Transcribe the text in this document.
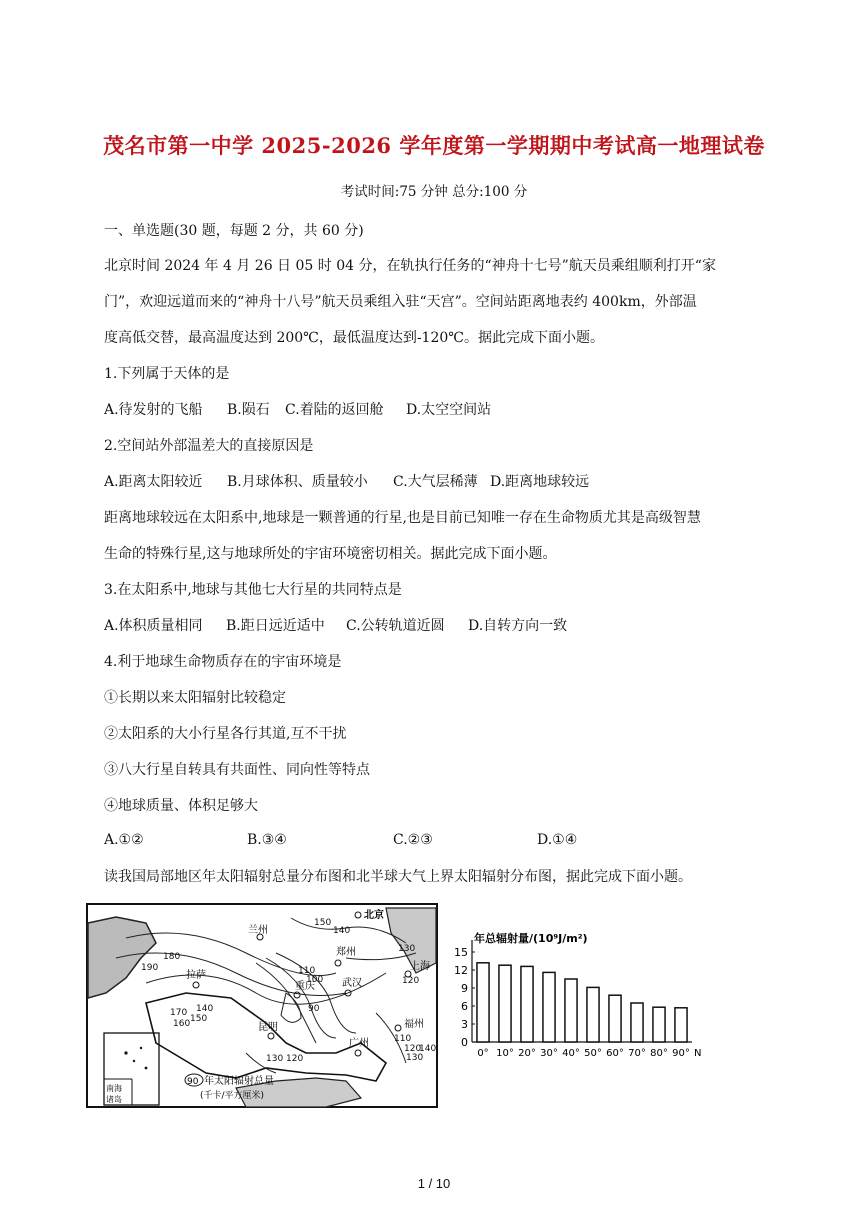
茂名市第一中学 2025-2026 学年度第一学期期中考试高一地理试卷
考试时间:75 分钟 总分:100 分
一、单选题(30 题，每题 2 分，共 60 分)
北京时间 2024 年 4 月 26 日 05 时 04 分，在轨执行任务的“神舟十七号”航天员乘组顺利打开“家
门”，欢迎远道而来的“神舟十八号”航天员乘组入驻“天宫”。空间站距离地表约 400km，外部温
度高低交替，最高温度达到 200℃，最低温度达到-120℃。据此完成下面小题。
1.下列属于天体的是
A.待发射的飞船 B.陨石 C.着陆的返回舱 D.太空空间站
2.空间站外部温差大的直接原因是
A.距离太阳较近 B.月球体积、质量较小 C.大气层稀薄 D.距离地球较远
距离地球较远在太阳系中,地球是一颗普通的行星,也是目前已知唯一存在生命物质尤其是高级智慧
生命的特殊行星,这与地球所处的宇宙环境密切相关。据此完成下面小题。
3.在太阳系中,地球与其他七大行星的共同特点是
A.体积质量相同 B.距日远近适中 C.公转轨道近圆 D.自转方向一致
4.利于地球生命物质存在的宇宙环境是
①长期以来太阳辐射比较稳定
②太阳系的大小行星各行其道,互不干扰
③八大行星自转具有共面性、同向性等特点
④地球质量、体积足够大
A.①②	B.③④	C.②③	D.①④
读我国局部地区年太阳辐射总量分布图和北半球大气上界太阳辐射分布图，据此完成下面小题。
南海
诸岛
北京
兰州
郑州
上海
拉萨
重庆	武汉
昆明	福州
广州
150
140
130
120
180
190	110
100
90
170
160 150
140
130 120
110
120
130
140
90 年太阳辐射总量
(千卡/平方厘米)
年总辐射量/(10⁹J/m²)
15
12
9
6
3
0
0° 10° 20° 30° 40° 50° 60° 70° 80° 90° N
1 / 10
